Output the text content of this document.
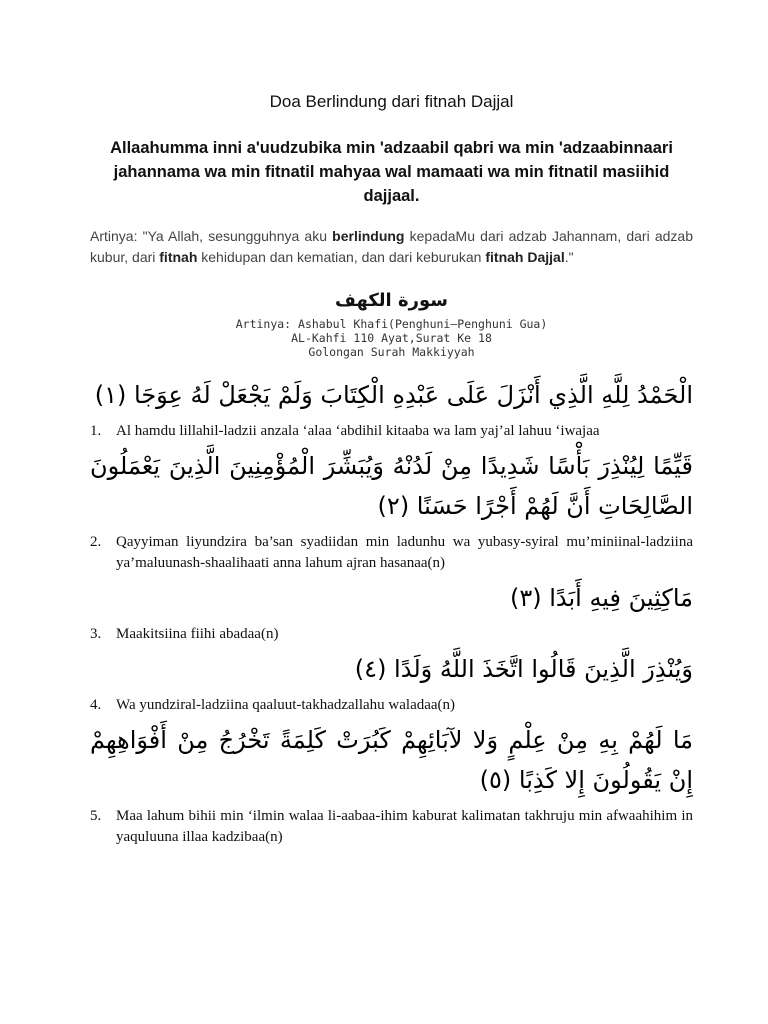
Doa Berlindung dari fitnah Dajjal

Allaahumma inni a'uudzubika min 'adzaabil qabri wa min 'adzaabinnaari jahannama wa min fitnatil mahyaa wal mamaati wa min fitnatil masiihid dajjaal.

Artinya: "Ya Allah, sesungguhnya aku berlindung kepadaMu dari adzab Jahannam, dari adzab kubur, dari fitnah kehidupan dan kematian, dan dari keburukan fitnah Dajjal."

سورة الكهف
Artinya: Ashabul Khafi(Penghuni–Penghuni Gua)
AL-Kahfi 110 Ayat,Surat Ke 18
Golongan Surah Makkiyyah

الْحَمْدُ لِلَّهِ الَّذِي أَنْزَلَ عَلَى عَبْدِهِ الْكِتَابَ وَلَمْ يَجْعَلْ لَهُ عِوَجَا (١)

1. Al hamdu lillahil-ladzii anzala ‘alaa ‘abdihil kitaaba wa lam yaj’al lahuu ‘iwajaa

قَيِّمًا لِيُنْذِرَ بَأْسًا شَدِيدًا مِنْ لَدُنْهُ وَيُبَشِّرَ الْمُؤْمِنِينَ الَّذِينَ يَعْمَلُونَ الصَّالِحَاتِ أَنَّ لَهُمْ أَجْرًا حَسَنًا (٢)

2. Qayyiman liyundzira ba’san syadiidan min ladunhu wa yubasy-syiral mu’miniinal-ladziina ya’maluunash-shaalihaati anna lahum ajran hasanaa(n)

مَاكِثِينَ فِيهِ أَبَدًا (٣)

3. Maakitsiina fiihi abadaa(n)

وَيُنْذِرَ الَّذِينَ قَالُوا اتَّخَذَ اللَّهُ وَلَدًا (٤)

4. Wa yundziral-ladziina qaaluut-takhadzallahu waladaa(n)

مَا لَهُمْ بِهِ مِنْ عِلْمٍ وَلا لآبَائِهِمْ كَبُرَتْ كَلِمَةً تَخْرُجُ مِنْ أَفْوَاهِهِمْ إِنْ يَقُولُونَ إِلا كَذِبًا (٥)

5. Maa lahum bihii min ‘ilmin walaa li-aabaa-ihim kaburat kalimatan takhruju min afwaahihim in yaquluuna illaa kadzibaa(n)
